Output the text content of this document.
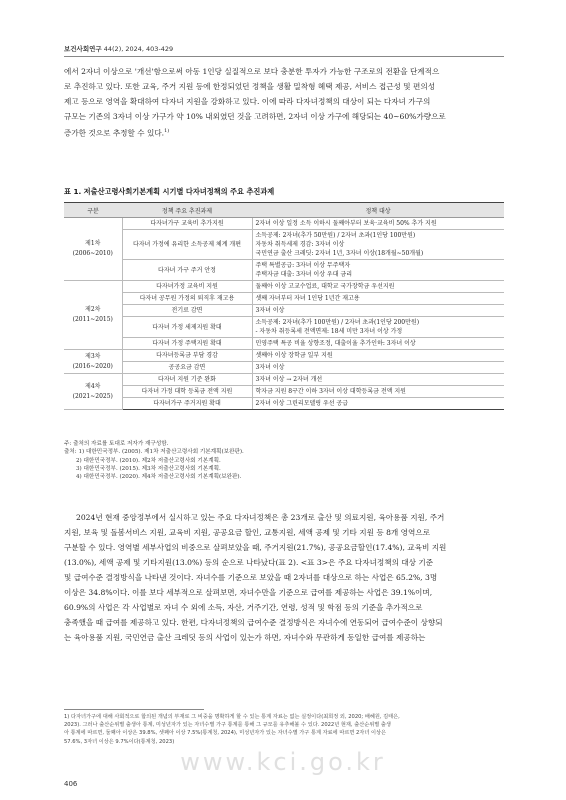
보건사회연구 44(2), 2024, 403-429
에서 2자녀 이상으로 '개선'함으로써 아동 1인당 실질적으로 보다 충분한 투자가 가능한 구조로의 전환을 단계적으
로 추진하고 있다. 또한 교육, 주거 지원 등에 한정되었던 정책을 생활 밀착형 혜택 제공, 서비스 접근성 및 편의성
제고 등으로 영역을 확대하여 다자녀 지원을 강화하고 있다. 이에 따라 다자녀정책의 대상이 되는 다자녀 가구의
규모는 기존의 3자녀 이상 가구가 약 10% 내외였던 것을 고려하면, 2자녀 이상 가구에 해당되는 40~60%가량으로
증가한 것으로 추정할 수 있다.$^{1)}$
표 1. 저출산고령사회기본계획 시기별 다자녀정책의 주요 추진과제
구분	정책 주요 추진과제	정책 대상

제1차
(2006~2010)	다자녀가구 교육비 추가지원	2자녀 이상 일정 소득 이하시 둘째아부터 보육·교육비 50% 추가 지원

	다자녀 가정에 유리한 소득공제 체계 개편	소득공제: 2자녀(추가 50만원) / 2자녀 초과(1인당 100만원)
자동차 취득세제 경감: 3자녀 이상
국민연금 출산 크레딧: 2자녀 1년, 3자녀 이상(18개월~50개월)

	다자녀 가구 주거 안정	주택 특별공급: 3자녀 이상 무주택자
주택자금 대출: 3자녀 이상 우대 금리

제2차
(2011~2015)	다자녀가정 교육비 지원	둘째아 이상 고교수업료, 대학교 국가장학금 우선지원

	다자녀 공무원 가정의 퇴직후 재고용	셋째 자녀부터 자녀 1인당 1년간 재고용

	전기료 감면	3자녀 이상

	다자녀 가정 세제지원 확대	소득공제: 2자녀(추가 100만원) / 2자녀 초과(1인당 200만원)
- 자동차 취등록세 전액면제: 18세 미만 3자녀 이상 가정

	다자녀 가정 주택지원 확대	민영주택 특공 비율 상향조정, 대출이율 추가인하: 3자녀 이상

제3차
(2016~2020)	다자녀등록금 부담 경감	셋째아 이상 장학금 일부 지원

	공공요금 감면	3자녀 이상

제4차
(2021~2025)	다자녀 지원 기준 완화	3자녀 이상 → 2자녀 개선

	다자녀 가정 대학 등록금 전액 지원	학자금 지원 8구간 이하 3자녀 이상 대학등록금 전액 지원

	다자녀가구 주거지원 확대	2자녀 이상 그린리모델링 우선 공급
주: 출처의 자료를 토대로 저자가 재구성함.
출처: 1) 대한민국정부. (2005). 제1차 저출산고령사회 기본계획(보완판).
2) 대한민국정부. (2010). 제2차 저출산고령사회 기본계획.
3) 대한민국정부. (2015). 제3차 저출산고령사회 기본계획.
4) 대한민국정부. (2020). 제4차 저출산고령사회 기본계획(보완판).
2024년 현재 중앙정부에서 실시하고 있는 주요 다자녀정책은 총 23개로 출산 및 의료지원, 육아용품 지원, 주거
지원, 보육 및 돌봄서비스 지원, 교육비 지원, 공공요금 할인, 교통지원, 세액 공제 및 기타 지원 등 8개 영역으로
구분할 수 있다. 영역별 세부사업의 비중으로 살펴보았을 때, 주거지원(21.7%), 공공요금할인(17.4%), 교육비 지원
(13.0%), 세액 공제 및 기타지원(13.0%) 등의 순으로 나타났다(표 2). <표 3>은 주요 다자녀정책의 대상 기준
및 급여수준 결정방식을 나타낸 것이다. 자녀수를 기준으로 보았을 때 2자녀를 대상으로 하는 사업은 65.2%, 3명
이상은 34.8%이다. 이를 보다 세부적으로 살펴보면, 자녀수만을 기준으로 급여를 제공하는 사업은 39.1%이며,
60.9%의 사업은 각 사업별로 자녀 수 외에 소득, 자산, 거주기간, 연령, 성적 및 학점 등의 기준을 추가적으로
충족했을 때 급여를 제공하고 있다. 한편, 다자녀정책의 급여수준 결정방식은 자녀수에 연동되어 급여수준이 상향되
는 육아용품 지원, 국민연금 출산 크레딧 등의 사업이 있는가 하면, 자녀수와 무관하게 동일한 급여를 제공하는
1) 다자녀가구에 대해 사회적으로 합의된 개념의 부재로 그 비중을 명확하게 할 수 있는 통계 자료는 없는 실정이다(최희정 외, 2020; 배혜원, 김태은,
2023). 그러나 출산순위별 출생아 통계, 미성년자가 있는 자녀수별 가구 통계를 통해 그 규모를 유추해볼 수 있다. 2022년 현재, 출산순위별 출생
아 통계에 따르면, 둘째아 이상은 39.8%, 셋째아 이상 7.5%(통계청, 2024), 미성년자가 있는 자녀수별 가구 통계 자료에 따르면 2자녀 이상은
57.6%, 3자녀 이상은 9.7%이다(통계청, 2023)
www.kci.go.kr
406
